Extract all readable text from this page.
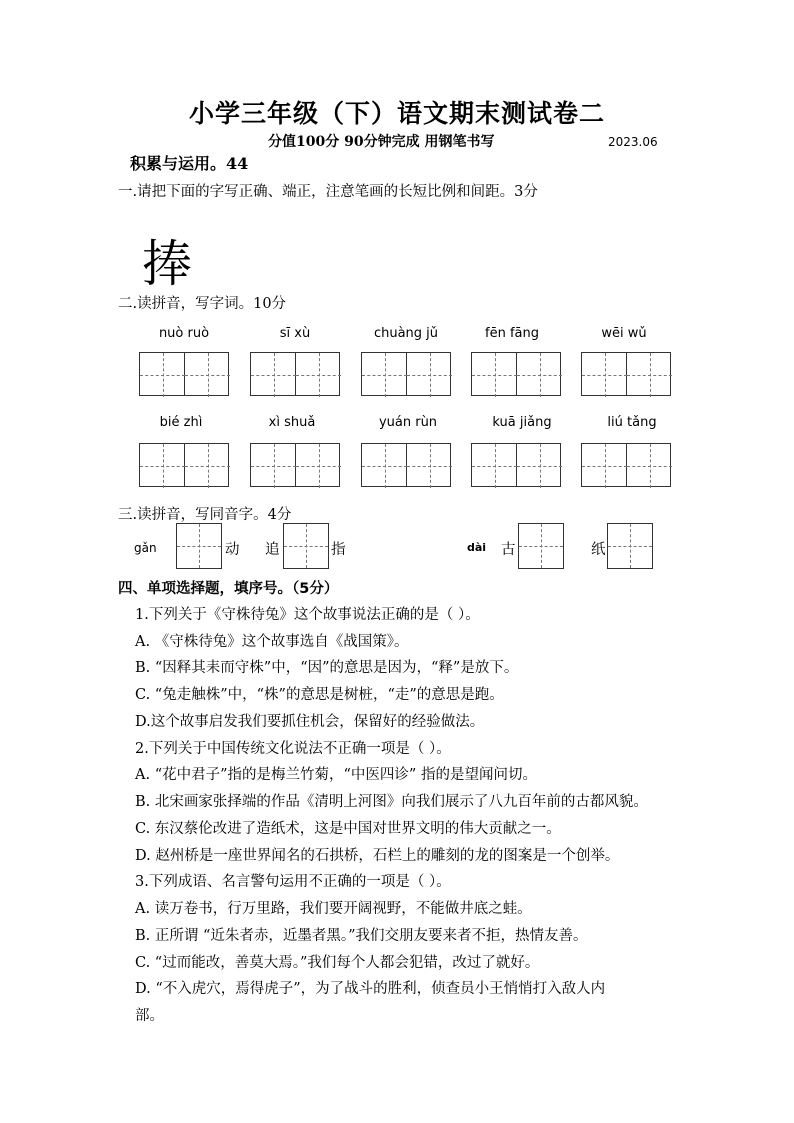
小学三年级（下）语文期末测试卷二
分值100分 90分钟完成 用钢笔书写	2023.06
积累与运用。44
一.请把下面的字写正确、端正，注意笔画的长短比例和间距。3分
捧
二.读拼音，写字词。10分
nuò ruò	sī xù	chuàng jǔ	fēn fāng	wēi wǔ
bié zhì	xì shuǎ	yuán rùn	kuā jiǎng	liú tǎng
三.读拼音，写同音字。4分
gǎn	动 追	指	dài 古	纸
四、单项选择题，填序号。（5分）
1.下列关于《守株待兔》这个故事说法正确的是（ ）。
A. 《守株待兔》这个故事选自《战国策》。
B. “因释其耒而守株”中，“因”的意思是因为，“释”是放下。
C. “兔走触株”中，“株”的意思是树桩，“走”的意思是跑。
D.这个故事启发我们要抓住机会，保留好的经验做法。
2.下列关于中国传统文化说法不正确一项是（ ）。
A. “花中君子”指的是梅兰竹菊，“中医四诊” 指的是望闻问切。
B. 北宋画家张择端的作品《清明上河图》向我们展示了八九百年前的古都风貌。
C. 东汉蔡伦改进了造纸术，这是中国对世界文明的伟大贡献之一。
D. 赵州桥是一座世界闻名的石拱桥，石栏上的雕刻的龙的图案是一个创举。
3.下列成语、名言警句运用不正确的一项是（ ）。
A. 读万卷书，行万里路，我们要开阔视野，不能做井底之蛙。
B. 正所谓 “近朱者赤，近墨者黑。”我们交朋友要来者不拒，热情友善。
C. “过而能改，善莫大焉。”我们每个人都会犯错，改过了就好。
D. “不入虎穴，焉得虎子”，为了战斗的胜利，侦查员小王悄悄打入敌人内
部。
